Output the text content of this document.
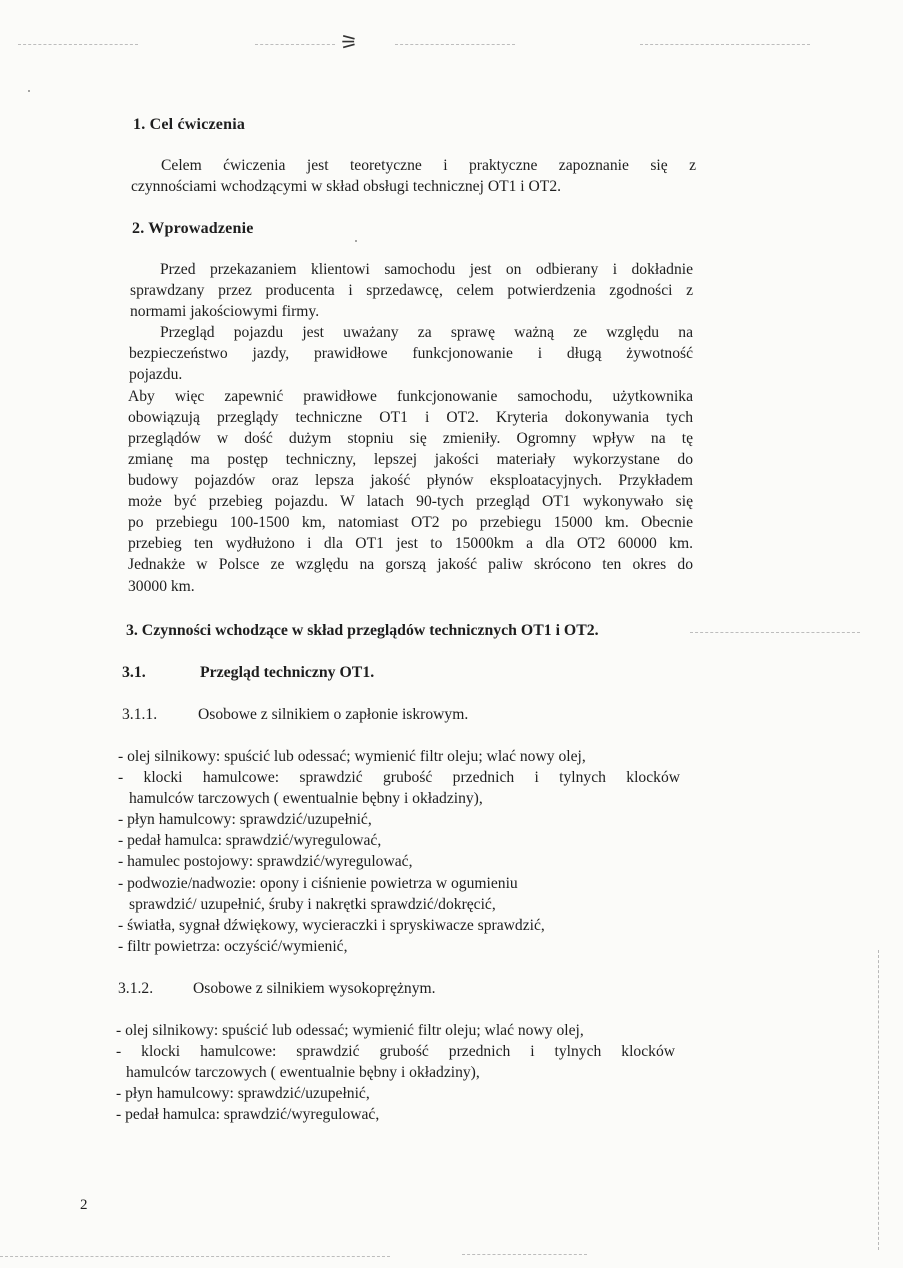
⚞
1. Cel ćwiczenia
Celem ćwiczenia jest teoretyczne i praktyczne zapoznanie się z
czynnościami wchodzącymi w skład obsługi technicznej OT1 i OT2.
2. Wprowadzenie
Przed przekazaniem klientowi samochodu jest on odbierany i dokładnie
sprawdzany przez producenta i sprzedawcę, celem potwierdzenia zgodności z
normami jakościowymi firmy.
Przegląd pojazdu jest uważany za sprawę ważną ze względu na
bezpieczeństwo jazdy, prawidłowe funkcjonowanie i długą żywotność
pojazdu.
Aby więc zapewnić prawidłowe funkcjonowanie samochodu, użytkownika
obowiązują przeglądy techniczne OT1 i OT2. Kryteria dokonywania tych
przeglądów w dość dużym stopniu się zmieniły. Ogromny wpływ na tę
zmianę ma postęp techniczny, lepszej jakości materiały wykorzystane do
budowy pojazdów oraz lepsza jakość płynów eksploatacyjnych. Przykładem
może być przebieg pojazdu. W latach 90-tych przegląd OT1 wykonywało się
po przebiegu 100-1500 km, natomiast OT2 po przebiegu 15000 km. Obecnie
przebieg ten wydłużono i dla OT1 jest to 15000km a dla OT2 60000 km.
Jednakże w Polsce ze względu na gorszą jakość paliw skrócono ten okres do
30000 km.
3. Czynności wchodzące w skład przeglądów technicznych OT1 i OT2.
3.1.	Przegląd techniczny OT1.
3.1.1.	Osobowe z silnikiem o zapłonie iskrowym.
- olej silnikowy: spuścić lub odessać; wymienić filtr oleju; wlać nowy olej,
- klocki hamulcowe: sprawdzić grubość przednich i tylnych klocków
hamulców tarczowych ( ewentualnie bębny i okładziny),
- płyn hamulcowy: sprawdzić/uzupełnić,
- pedał hamulca: sprawdzić/wyregulować,
- hamulec postojowy: sprawdzić/wyregulować,
- podwozie/nadwozie: opony i ciśnienie powietrza w ogumieniu
sprawdzić/ uzupełnić, śruby i nakrętki sprawdzić/dokręcić,
- światła, sygnał dźwiękowy, wycieraczki i spryskiwacze sprawdzić,
- filtr powietrza: oczyścić/wymienić,
3.1.2.	Osobowe z silnikiem wysokoprężnym.
- olej silnikowy: spuścić lub odessać; wymienić filtr oleju; wlać nowy olej,
- klocki hamulcowe: sprawdzić grubość przednich i tylnych klocków
hamulców tarczowych ( ewentualnie bębny i okładziny),
- płyn hamulcowy: sprawdzić/uzupełnić,
- pedał hamulca: sprawdzić/wyregulować,
2
